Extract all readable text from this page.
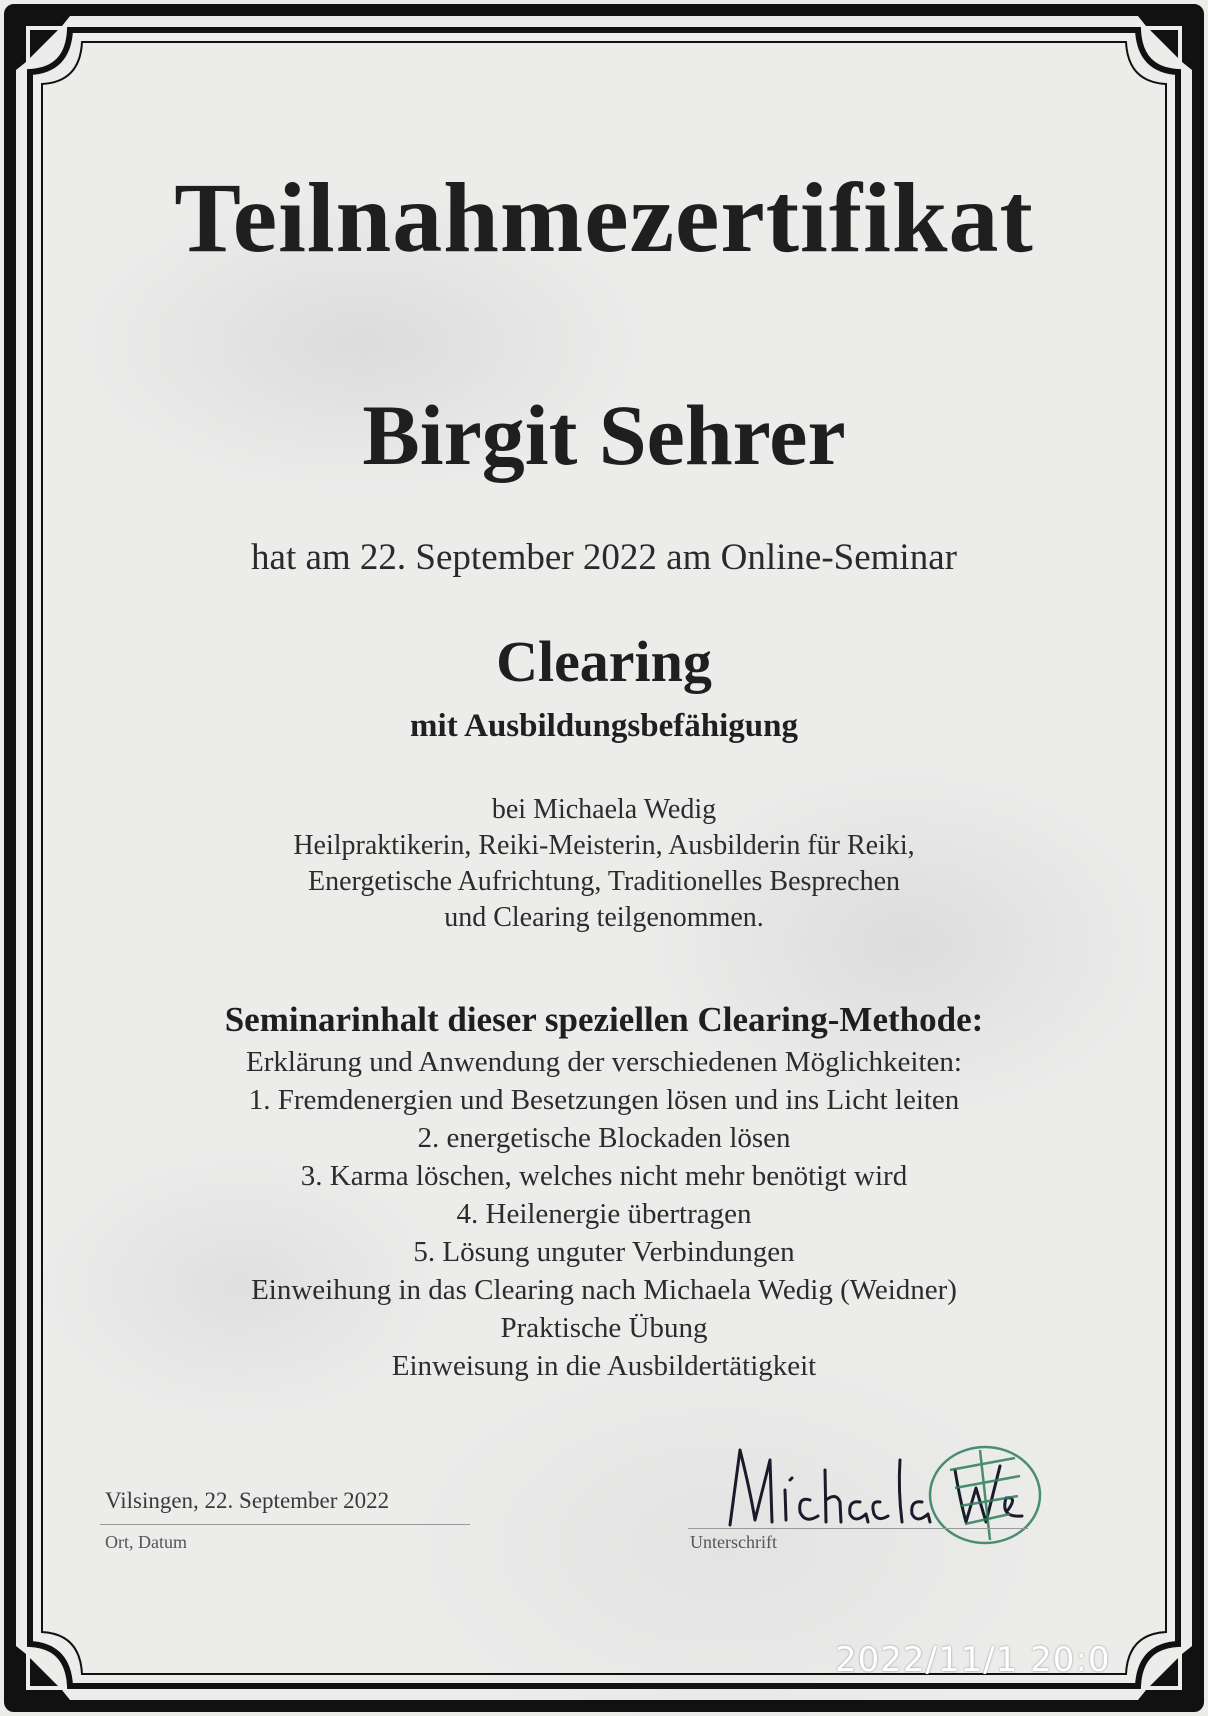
Teilnahmezertifikat
Birgit Sehrer
hat am 22. September 2022 am Online-Seminar
Clearing
mit Ausbildungsbefähigung
bei Michaela Wedig
Heilpraktikerin, Reiki-Meisterin, Ausbilderin für Reiki,
Energetische Aufrichtung, Traditionelles Besprechen
und Clearing teilgenommen.
Seminarinhalt dieser speziellen Clearing-Methode:
Erklärung und Anwendung der verschiedenen Möglichkeiten:
1. Fremdenergien und Besetzungen lösen und ins Licht leiten
2. energetische Blockaden lösen
3. Karma löschen, welches nicht mehr benötigt wird
4. Heilenergie übertragen
5. Lösung unguter Verbindungen
Einweihung in das Clearing nach Michaela Wedig (Weidner)
Praktische Übung
Einweisung in die Ausbildertätigkeit
Vilsingen, 22. September 2022
Ort, Datum	Unterschrift
2022/11/1 20:0
